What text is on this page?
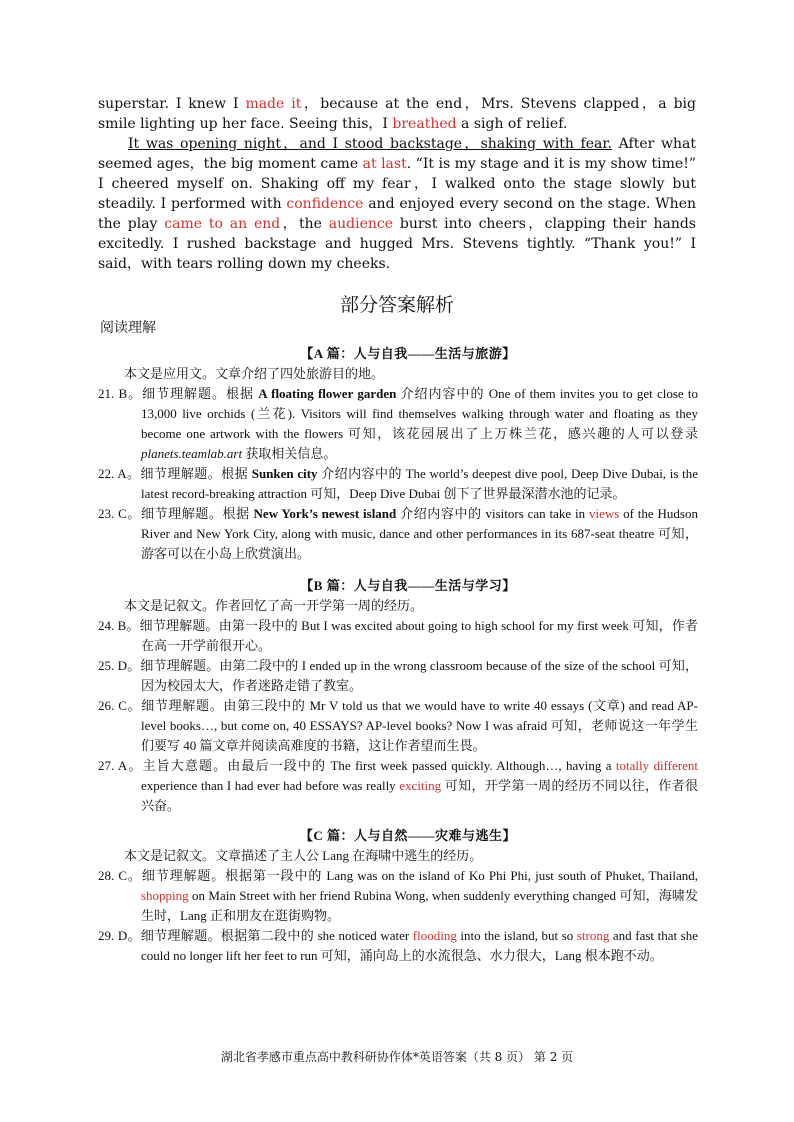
superstar. I knew I made it，because at the end，Mrs. Stevens clapped，a big smile lighting up her face. Seeing this，I breathed a sigh of relief.

It was opening night，and I stood backstage，shaking with fear. After what seemed ages，the big moment came at last. “It is my stage and it is my show time!” I cheered myself on. Shaking off my fear，I walked onto the stage slowly but steadily. I performed with confidence and enjoyed every second on the stage. When the play came to an end，the audience burst into cheers，clapping their hands excitedly. I rushed backstage and hugged Mrs. Stevens tightly. “Thank you!” I said，with tears rolling down my cheeks.

部分答案解析
阅读理解
【A 篇：人与自我——生活与旅游】
本文是应用文。文章介绍了四处旅游目的地。
21. B。细节理解题。根据 A floating flower garden 介绍内容中的 One of them invites you to get close to 13,000 live orchids (兰花). Visitors will find themselves walking through water and floating as they become one artwork with the flowers 可知，该花园展出了上万株兰花，感兴趣的人可以登录 planets.teamlab.art 获取相关信息。
22. A。细节理解题。根据 Sunken city 介绍内容中的 The world’s deepest dive pool, Deep Dive Dubai, is the latest record-breaking attraction 可知，Deep Dive Dubai 创下了世界最深潜水池的记录。
23. C。细节理解题。根据 New York’s newest island 介绍内容中的 visitors can take in views of the Hudson River and New York City, along with music, dance and other performances in its 687-seat theatre 可知，游客可以在小岛上欣赏演出。
【B 篇：人与自我——生活与学习】
本文是记叙文。作者回忆了高一开学第一周的经历。
24. B。细节理解题。由第一段中的 But I was excited about going to high school for my first week 可知，作者在高一开学前很开心。
25. D。细节理解题。由第二段中的 I ended up in the wrong classroom because of the size of the school 可知，因为校园太大，作者迷路走错了教室。
26. C。细节理解题。由第三段中的 Mr V told us that we would have to write 40 essays (文章) and read AP-level books…, but come on, 40 ESSAYS? AP-level books? Now I was afraid 可知，老师说这一年学生们要写 40 篇文章并阅读高难度的书籍，这让作者望而生畏。
27. A。主旨大意题。由最后一段中的 The first week passed quickly. Although…, having a totally different experience than I had ever had before was really exciting 可知，开学第一周的经历不同以往，作者很兴奋。
【C 篇：人与自然——灾难与逃生】
本文是记叙文。文章描述了主人公 Lang 在海啸中逃生的经历。
28. C。细节理解题。根据第一段中的 Lang was on the island of Ko Phi Phi, just south of Phuket, Thailand, shopping on Main Street with her friend Rubina Wong, when suddenly everything changed 可知，海啸发生时，Lang 正和朋友在逛街购物。
29. D。细节理解题。根据第二段中的 she noticed water flooding into the island, but so strong and fast that she could no longer lift her feet to run 可知，涌向岛上的水流很急、水力很大，Lang 根本跑不动。
湖北省孝感市重点高中教科研协作体*英语答案（共 8 页） 第 2 页
